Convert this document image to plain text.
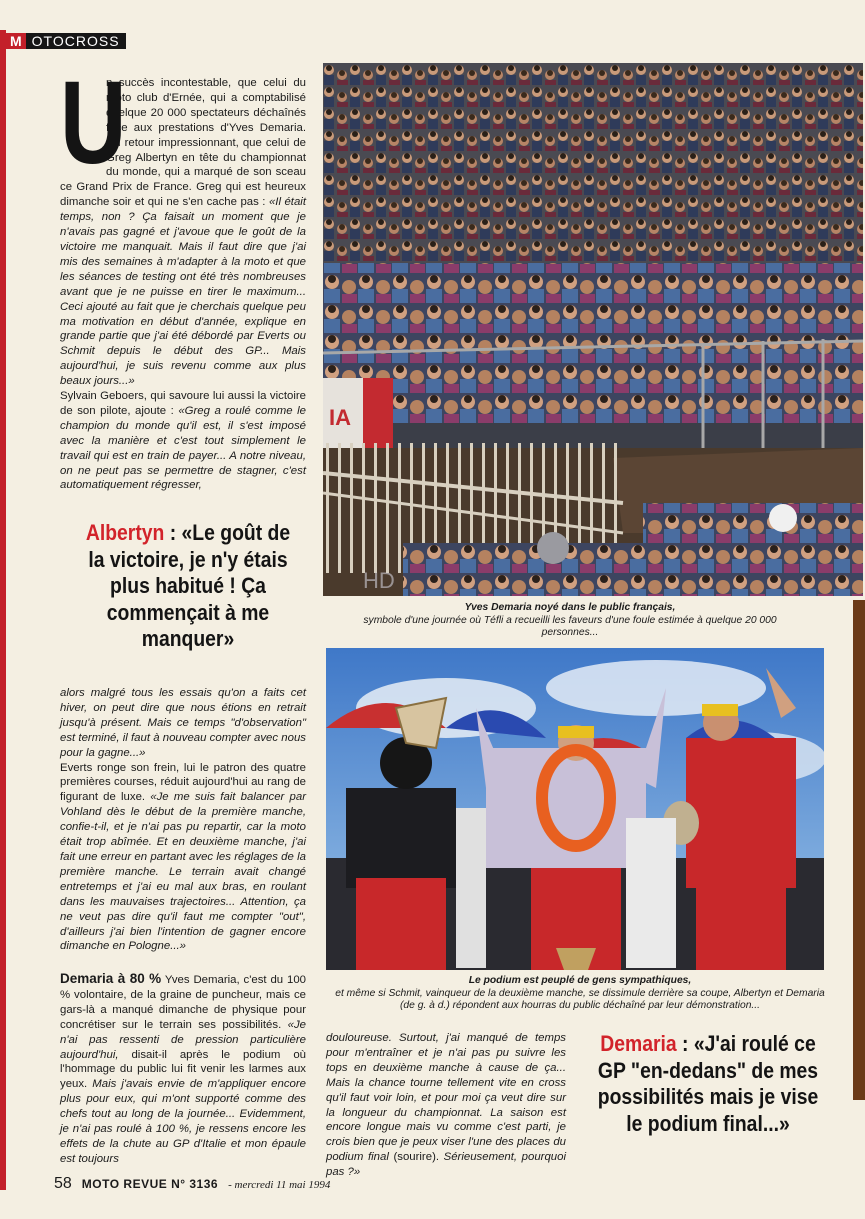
M OTOCROSS

U
n succès incontestable, que celui du moto club d'Ernée, qui a comptabilisé quelque 20 000 spectateurs déchaînés face aux prestations d'Yves Demaria. Un retour impressionnant, que celui de Greg Albertyn en tête du championnat du monde, qui a marqué de son sceau ce Grand Prix de France. Greg qui est heureux dimanche soir et qui ne s'en cache pas : «Il était temps, non ? Ça faisait un moment que je n'avais pas gagné et j'avoue que le goût de la victoire me manquait. Mais il faut dire que j'ai mis des semaines à m'adapter à la moto et que les séances de testing ont été très nombreuses avant que je ne puisse en tirer le maximum... Ceci ajouté au fait que je cherchais quelque peu ma motivation en début d'année, explique en grande partie que j'ai été débordé par Everts ou Schmit depuis le début des GP... Mais aujourd'hui, je suis revenu comme aux plus beaux jours...»

Sylvain Geboers, qui savoure lui aussi la victoire de son pilote, ajoute : «Greg a roulé comme le champion du monde qu'il est, il s'est imposé avec la manière et c'est tout simplement le travail qui est en train de payer... A notre niveau, on ne peut pas se permettre de stagner, c'est automatiquement régresser,

Albertyn : «Le goût de la victoire, je n'y étais plus habitué ! Ça commençait à me manquer»

alors malgré tous les essais qu'on a faits cet hiver, on peut dire que nous étions en retrait jusqu'à présent. Mais ce temps "d'observation" est terminé, il faut à nouveau compter avec nous pour la gagne...»

Everts ronge son frein, lui le patron des quatre premières courses, réduit aujourd'hui au rang de figurant de luxe. «Je me suis fait balancer par Vohland dès le début de la première manche, confie-t-il, et je n'ai pas pu repartir, car la moto était trop abîmée. Et en deuxième manche, j'ai fait une erreur en partant avec les réglages de la première manche. Le terrain avait changé entretemps et j'ai eu mal aux bras, en roulant dans les mauvaises trajectoires... Attention, ça ne veut pas dire qu'il faut me compter "out", d'ailleurs j'ai bien l'intention de gagner encore dimanche en Pologne...»

Demaria à 80 % Yves Demaria, c'est du 100 % volontaire, de la graine de puncheur, mais ce gars-là a manqué dimanche de physique pour concrétiser sur le terrain ses possibilités. «Je n'ai pas ressenti de pression particulière aujourd'hui, disait-il après le podium où l'hommage du public lui fit venir les larmes aux yeux. Mais j'avais envie de m'appliquer encore plus pour eux, qui m'ont supporté comme des chefs tout au long de la journée... Evidemment, je n'ai pas roulé à 100 %, je ressens encore les effets de la chute au GP d'Italie et mon épaule est toujours

douloureuse. Surtout, j'ai manqué de temps pour m'entraîner et je n'ai pas pu suivre les tops en deuxième manche à cause de ça... Mais la chance tourne tellement vite en cross qu'il faut voir loin, et pour moi ça veut dire sur la longueur du championnat. La saison est encore longue mais vu comme c'est parti, je crois bien que je peux viser l'une des places du podium final (sourire). Sérieusement, pourquoi pas ?»

Demaria : «J'ai roulé ce GP "en-dedans" de mes possibilités mais je vise le podium final...»
IA
HD
Yves Demaria noyé dans le public français,
symbole d'une journée où Téfli a recueilli les faveurs d'une foule estimée à quelque 20 000 personnes...
Le podium est peuplé de gens sympathiques,
et même si Schmit, vainqueur de la deuxième manche, se dissimule derrière sa coupe, Albertyn et Demaria (de g. à d.) répondent aux hourras du public déchaîné par leur démonstration...
58 MOTO REVUE N° 3136 - mercredi 11 mai 1994
